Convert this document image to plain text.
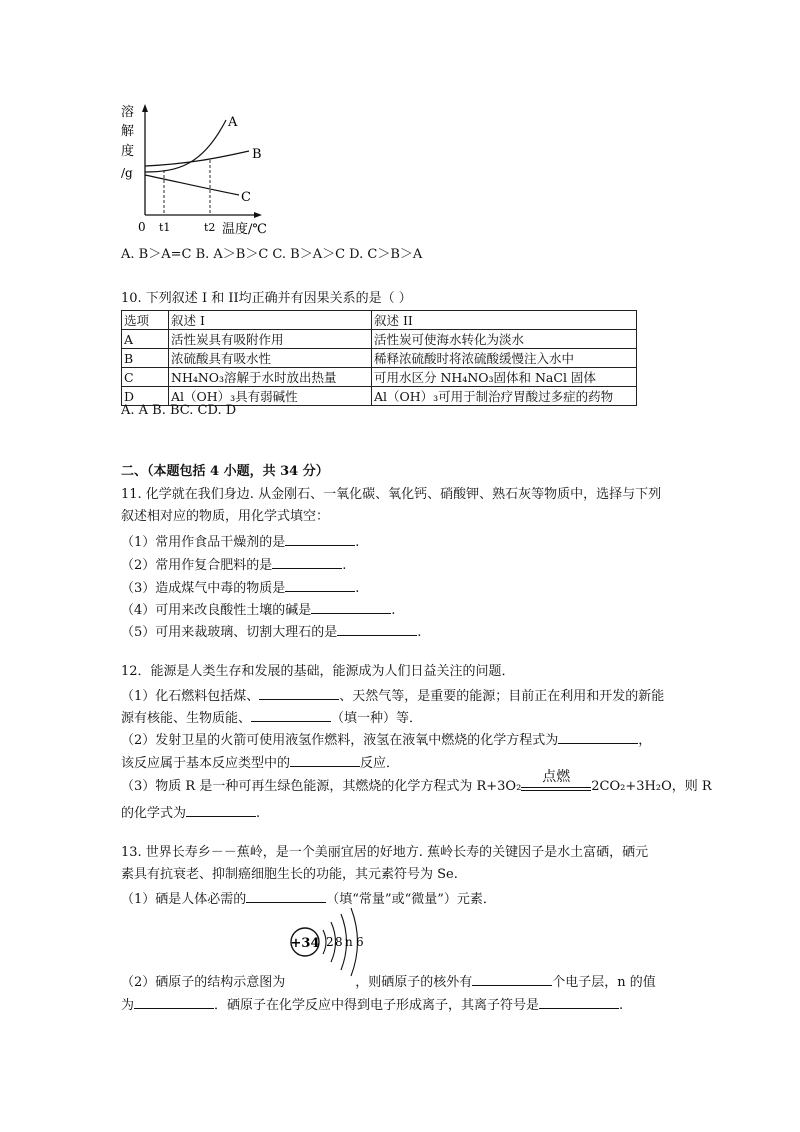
溶
解
度
/g
A
B
C
0 t1	t2 温度/℃
A. B＞A=C B. A＞B＞C C. B＞A＞C D. C＞B＞A
10. 下列叙述 I 和 II均正确并有因果关系的是（ ）
选项	叙述 I	叙述 II
A	活性炭具有吸附作用	活性炭可使海水转化为淡水
B	浓硫酸具有吸水性	稀释浓硫酸时将浓硫酸缓慢注入水中
C	NH₄NO₃溶解于水时放出热量	可用水区分 NH₄NO₃固体和 NaCl 固体
D	Al（OH）₃具有弱碱性	Al（OH）₃可用于制治疗胃酸过多症的药物
A. A B. BC. CD. D
二、（本题包括 4 小题，共 34 分）
11. 化学就在我们身边. 从金刚石、一氧化碳、氧化钙、硝酸钾、熟石灰等物质中，选择与下列
叙述相对应的物质，用化学式填空：
（1）常用作食品干燥剂的是	.
（2）常用作复合肥料的是	.
（3）造成煤气中毒的物质是	.
（4）可用来改良酸性土壤的碱是	.
（5）可用来裁玻璃、切割大理石的是	.
12．能源是人类生存和发展的基础，能源成为人们日益关注的问题．
（1）化石燃料包括煤、	、天然气等，是重要的能源；目前正在利用和开发的新能
源有核能、生物质能、	（填一种）等．
（2）发射卫星的火箭可使用液氢作燃料，液氢在液氧中燃烧的化学方程式为	，
该反应属于基本反应类型中的	反应．
（3）物质 R 是一种可再生绿色能源，其燃烧的化学方程式为 R+3O₂
点燃
2CO₂+3H₂O，则 R
的化学式为	.
13. 世界长寿乡－－蕉岭，是一个美丽宜居的好地方. 蕉岭长寿的关键因子是水土富硒，硒元
素具有抗衰老、抑制癌细胞生长的功能，其元素符号为 Se.
（1）硒是人体必需的	（填“常量”或“微量”）元素．
+34 2 8 n 6
（2）硒原子的结构示意图为	，则硒原子的核外有	个电子层，n 的值
为	．硒原子在化学反应中得到电子形成离子，其离子符号是	.
